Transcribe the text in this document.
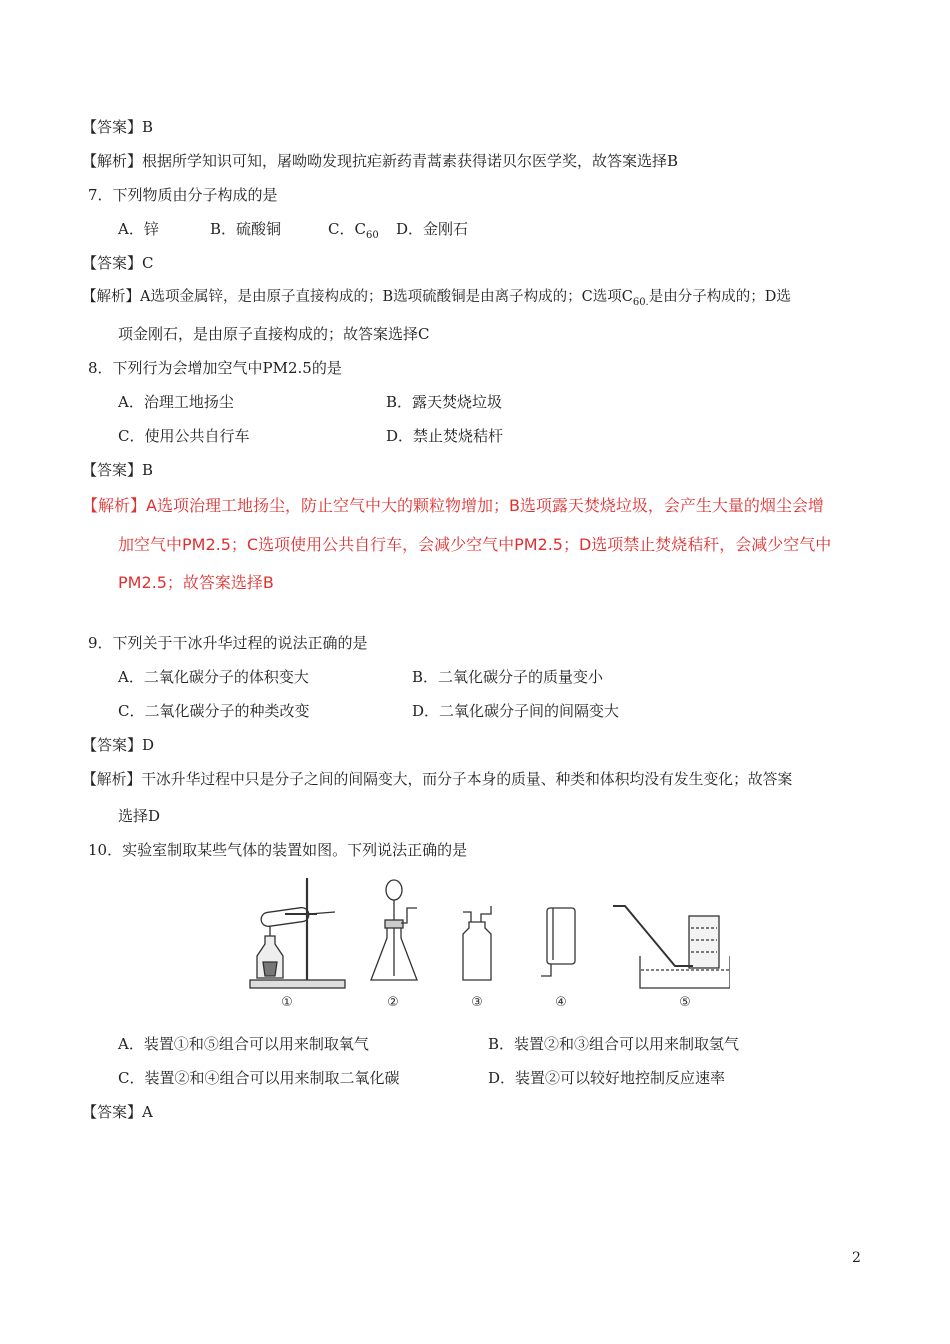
【答案】B
【解析】根据所学知识可知，屠呦呦发现抗疟新药青蒿素获得诺贝尔医学奖，故答案选择B
7．下列物质由分子构成的是
A．锌	B．硫酸铜	C．$C_{60}$ D．金刚石
【答案】C
【解析】A选项金属锌，是由原子直接构成的；B选项硫酸铜是由离子构成的；C选项$C_{60.}$是由分子构成的；D选
项金刚石，是由原子直接构成的；故答案选择C
8．下列行为会增加空气中PM2.5的是
A．治理工地扬尘	B．露天焚烧垃圾
C．使用公共自行车	D．禁止焚烧秸杆
【答案】B
【解析】A选项治理工地扬尘，防止空气中大的颗粒物增加；B选项露天焚烧垃圾，会产生大量的烟尘会增
加空气中PM2.5；C选项使用公共自行车，会减少空气中PM2.5；D选项禁止焚烧秸秆，会减少空气中
PM2.5；故答案选择B
9．下列关于干冰升华过程的说法正确的是
A．二氧化碳分子的体积变大	B．二氧化碳分子的质量变小
C．二氧化碳分子的种类改变	D．二氧化碳分子间的间隔变大
【答案】D
【解析】干冰升华过程中只是分子之间的间隔变大，而分子本身的质量、种类和体积均没有发生变化；故答案
选择D
10．实验室制取某些气体的装置如图。下列说法正确的是
①	②	③	④	⑤
A．装置①和⑤组合可以用来制取氧气	B．装置②和③组合可以用来制取氢气
C．装置②和④组合可以用来制取二氧化碳	D．装置②可以较好地控制反应速率
【答案】A
2
